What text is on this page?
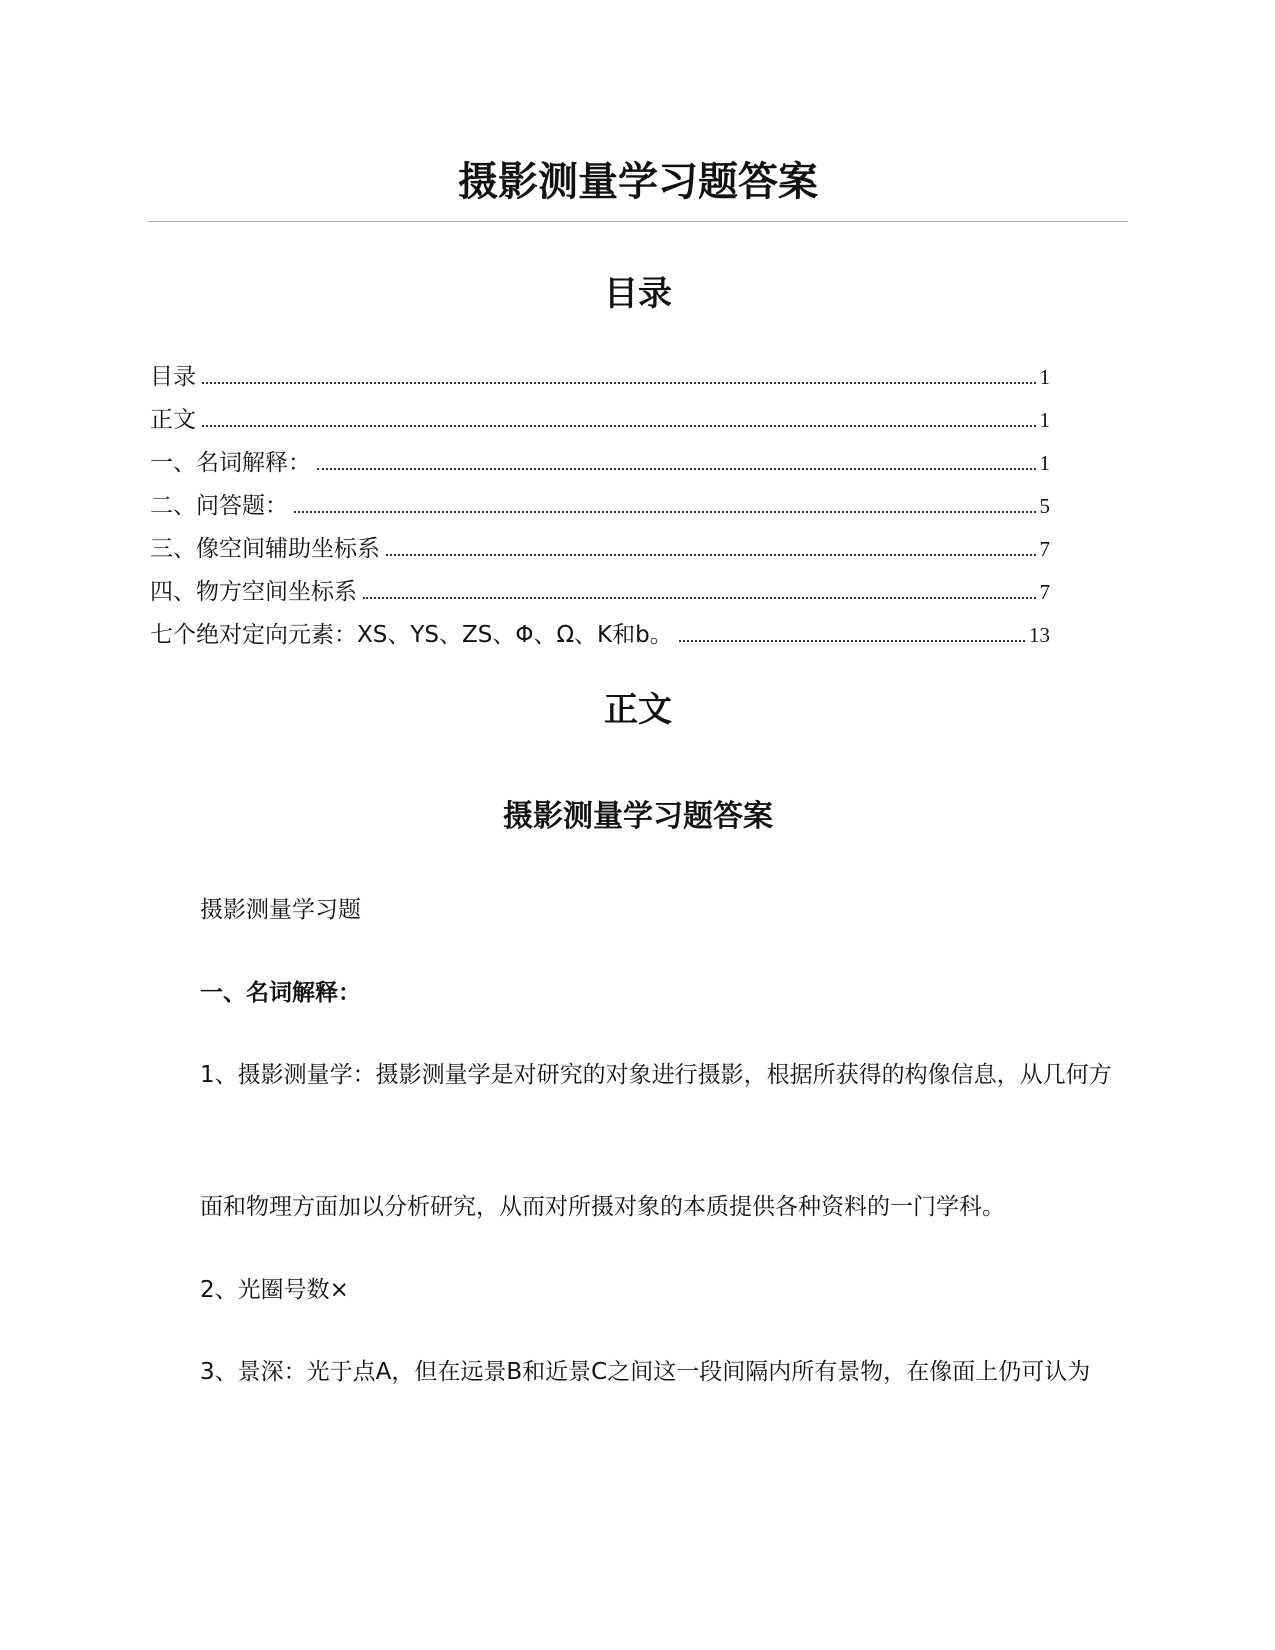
摄影测量学习题答案
目录
目录	1
正文	1
一、名词解释：	1
二、问答题：	5
三、像空间辅助坐标系	7
四、物方空间坐标系	7
七个绝对定向元素：XS、YS、ZS、Φ、Ω、K和b。	13
正文
摄影测量学习题答案

摄影测量学习题

一、名词解释：

1、摄影测量学：摄影测量学是对研究的对象进行摄影，根据所获得的构像信息，从几何方

面和物理方面加以分析研究，从而对所摄对象的本质提供各种资料的一门学科。

2、光圈号数×

3、景深：光于点A，但在远景B和近景C之间这一段间隔内所有景物，在像面上仍可认为
